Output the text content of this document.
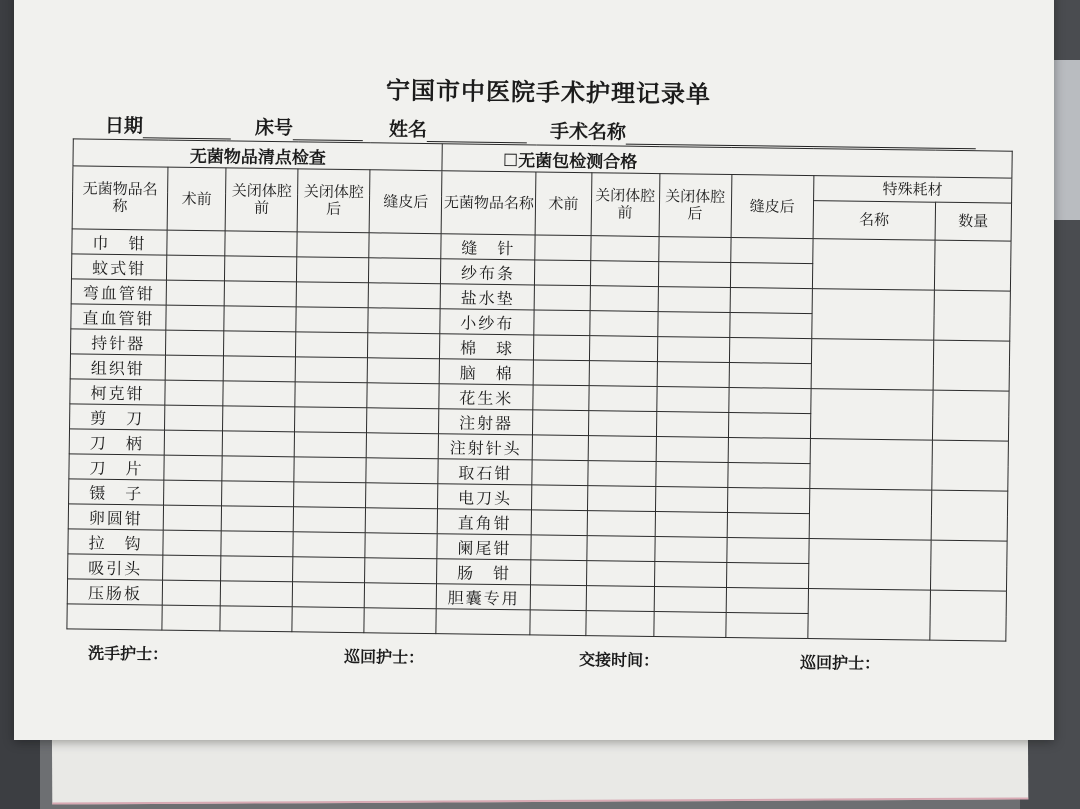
宁国市中医院手术护理记录单
日期	床号	姓名	手术名称
无菌物品清点检查					☐无菌包检测合格						
无菌物品名 称	术前	关闭体腔前	关闭体腔后	缝皮后	无菌物品名称	术前	关闭体腔前	关闭体腔后	缝皮后	特殊耗材	
										名称	数量
巾　钳					缝　针						
蚊式钳					纱布条						
弯血管钳					盐水垫						
直血管钳					小纱布						
持针器					棉　球						
组织钳					脑　棉						
柯克钳					花生米						
剪　刀					注射器						
刀　柄					注射针头						
刀　片					取石钳						
镊　子					电刀头						
卵圆钳					直角钳						
拉　钩					阑尾钳						
吸引头					肠　钳						
压肠板					胆囊专用						

洗手护士：	巡回护士：	交接时间：	巡回护士：
